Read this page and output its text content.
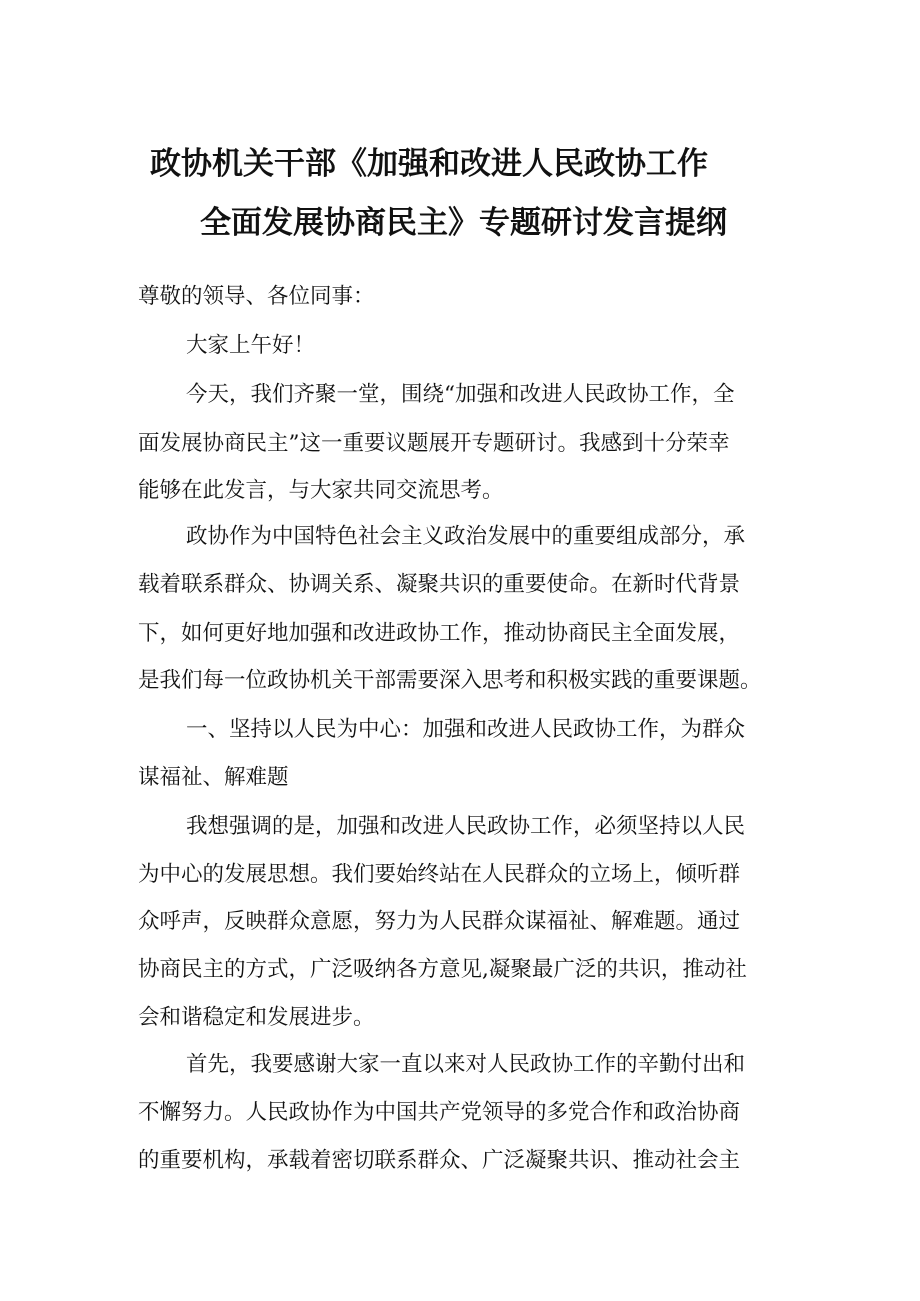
政协机关干部《加强和改进人民政协工作
全面发展协商民主》专题研讨发言提纲
尊敬的领导、各位同事：
大家上午好！
今天，我们齐聚一堂，围绕“加强和改进人民政协工作，全
面发展协商民主”这一重要议题展开专题研讨。我感到十分荣幸
能够在此发言，与大家共同交流思考。
政协作为中国特色社会主义政治发展中的重要组成部分，承
载着联系群众、协调关系、凝聚共识的重要使命。在新时代背景
下，如何更好地加强和改进政协工作，推动协商民主全面发展，
是我们每一位政协机关干部需要深入思考和积极实践的重要课题。
一、坚持以人民为中心：加强和改进人民政协工作，为群众
谋福祉、解难题
我想强调的是，加强和改进人民政协工作，必须坚持以人民
为中心的发展思想。我们要始终站在人民群众的立场上，倾听群
众呼声，反映群众意愿，努力为人民群众谋福祉、解难题。通过
协商民主的方式，广泛吸纳各方意见,凝聚最广泛的共识，推动社
会和谐稳定和发展进步。
首先，我要感谢大家一直以来对人民政协工作的辛勤付出和
不懈努力。人民政协作为中国共产党领导的多党合作和政治协商
的重要机构，承载着密切联系群众、广泛凝聚共识、推动社会主
